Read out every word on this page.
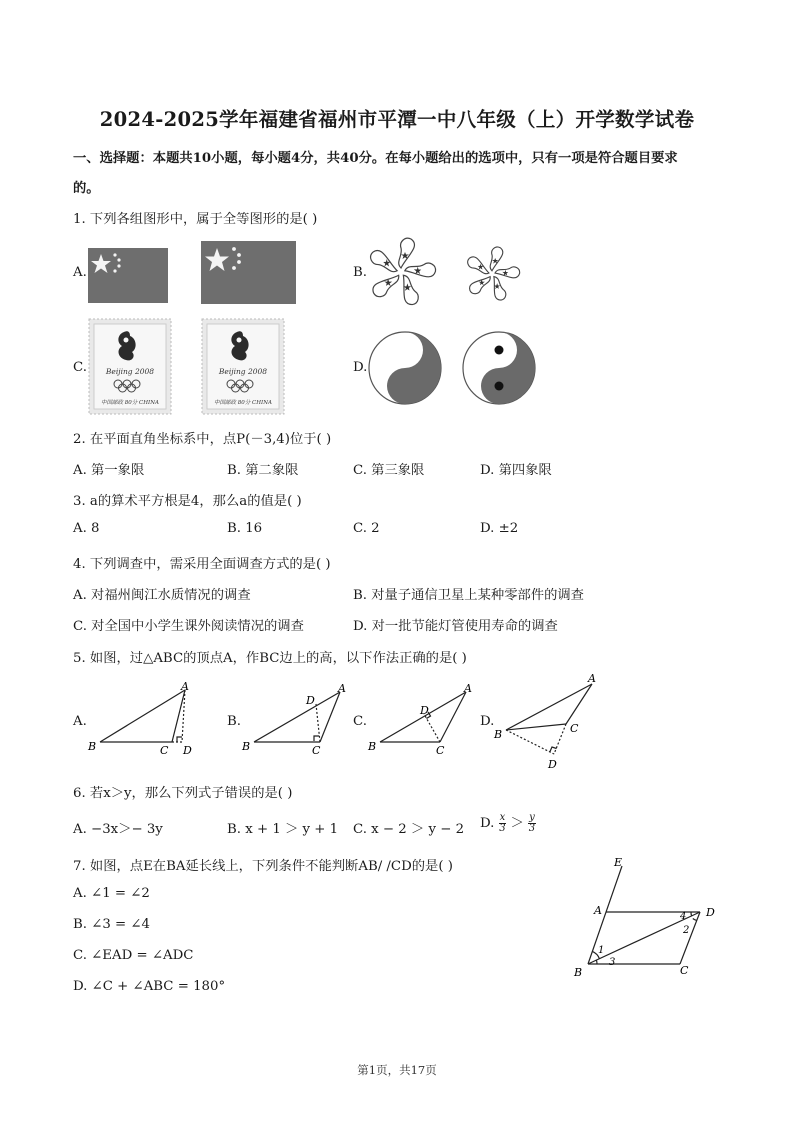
2024-2025学年福建省福州市平潭一中八年级（上）开学数学试卷
一、选择题：本题共10小题，每小题4分，共40分。在每小题给出的选项中，只有一项是符合题目要求
的。
1. 下列各组图形中，属于全等图形的是( )
A.	B.
C.	D.
Beijing 2008
中国邮政 80分 CHINA
Beijing 2008
中国邮政 80分 CHINA
2. 在平面直角坐标系中，点P(－3,4)位于( )
A. 第一象限	B. 第二象限	C. 第三象限	D. 第四象限
3. a的算术平方根是4，那么a的值是( )
A. 8	B. 16	C. 2	D. ±2
4. 下列调查中，需采用全面调查方式的是( )
A. 对福州闽江水质情况的调查	B. 对量子通信卫星上某种零部件的调查
C. 对全国中小学生课外阅读情况的调查	D. 对一批节能灯管使用寿命的调查
5. 如图，过△ABC的顶点A，作BC边上的高，以下作法正确的是( )
A.	B.	C.	D.
A
B	C D
A
D
B	C
A
D
B	C
A
B	C
D
6. 若x＞y，那么下列式子错误的是( )
A. −3x＞− 3y	B. x + 1 ＞ y + 1 C. x − 2 ＞ y − 2 D. $\frac{x}{3} > \frac{y}{3}$
7. 如图，点E在BA延长线上，下列条件不能判断AB/ /CD的是( )
A. ∠1 = ∠2
B. ∠3 = ∠4
C. ∠EAD = ∠ADC
D. ∠C + ∠ABC = 180°
E
A	D
B	C
1
2
3
4
第1页，共17页
